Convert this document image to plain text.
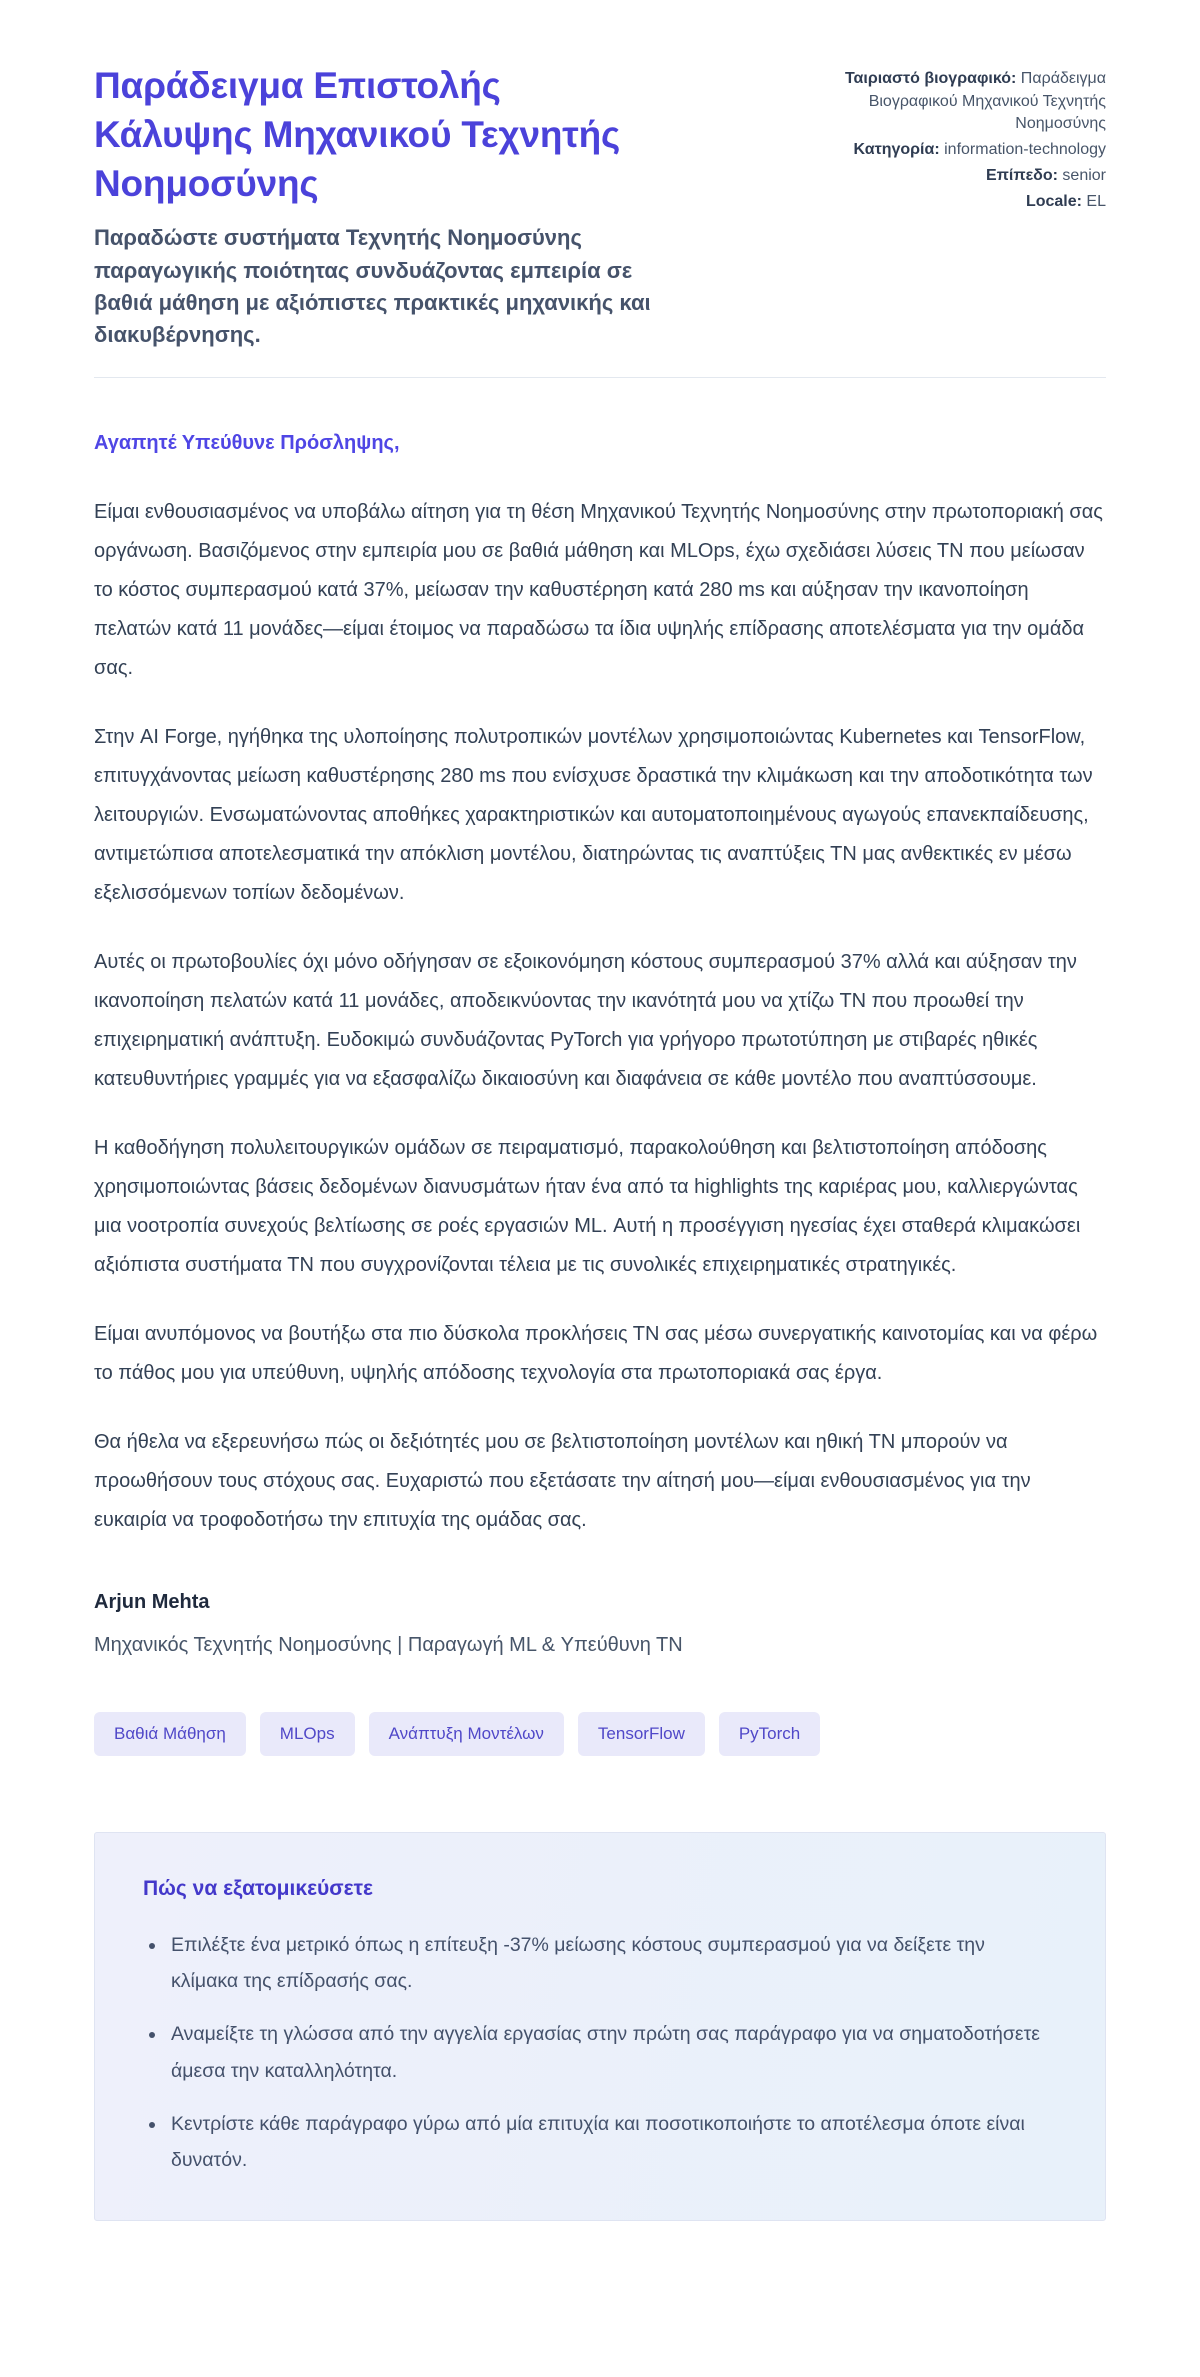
Παράδειγμα Επιστολής Κάλυψης Μηχανικού Τεχνητής Νοημοσύνης

Παραδώστε συστήματα Τεχνητής Νοημοσύνης παραγωγικής ποιότητας συνδυάζοντας εμπειρία σε βαθιά μάθηση με αξιόπιστες πρακτικές μηχανικής και διακυβέρνησης.

Ταιριαστό βιογραφικό: Παράδειγμα Βιογραφικού Μηχανικού Τεχνητής Νοημοσύνης
Κατηγορία: information-technology
Επίπεδο: senior
Locale: EL

Αγαπητέ Υπεύθυνε Πρόσληψης,

Είμαι ενθουσιασμένος να υποβάλω αίτηση για τη θέση Μηχανικού Τεχνητής Νοημοσύνης στην πρωτοποριακή σας οργάνωση. Βασιζόμενος στην εμπειρία μου σε βαθιά μάθηση και MLOps, έχω σχεδιάσει λύσεις ΤΝ που μείωσαν το κόστος συμπερασμού κατά 37%, μείωσαν την καθυστέρηση κατά 280 ms και αύξησαν την ικανοποίηση πελατών κατά 11 μονάδες—είμαι έτοιμος να παραδώσω τα ίδια υψηλής επίδρασης αποτελέσματα για την ομάδα σας.

Στην AI Forge, ηγήθηκα της υλοποίησης πολυτροπικών μοντέλων χρησιμοποιώντας Kubernetes και TensorFlow, επιτυγχάνοντας μείωση καθυστέρησης 280 ms που ενίσχυσε δραστικά την κλιμάκωση και την αποδοτικότητα των λειτουργιών. Ενσωματώνοντας αποθήκες χαρακτηριστικών και αυτοματοποιημένους αγωγούς επανεκπαίδευσης, αντιμετώπισα αποτελεσματικά την απόκλιση μοντέλου, διατηρώντας τις αναπτύξεις ΤΝ μας ανθεκτικές εν μέσω εξελισσόμενων τοπίων δεδομένων.

Αυτές οι πρωτοβουλίες όχι μόνο οδήγησαν σε εξοικονόμηση κόστους συμπερασμού 37% αλλά και αύξησαν την ικανοποίηση πελατών κατά 11 μονάδες, αποδεικνύοντας την ικανότητά μου να χτίζω ΤΝ που προωθεί την επιχειρηματική ανάπτυξη. Ευδοκιμώ συνδυάζοντας PyTorch για γρήγορο πρωτοτύπηση με στιβαρές ηθικές κατευθυντήριες γραμμές για να εξασφαλίζω δικαιοσύνη και διαφάνεια σε κάθε μοντέλο που αναπτύσσουμε.

Η καθοδήγηση πολυλειτουργικών ομάδων σε πειραματισμό, παρακολούθηση και βελτιστοποίηση απόδοσης χρησιμοποιώντας βάσεις δεδομένων διανυσμάτων ήταν ένα από τα highlights της καριέρας μου, καλλιεργώντας μια νοοτροπία συνεχούς βελτίωσης σε ροές εργασιών ML. Αυτή η προσέγγιση ηγεσίας έχει σταθερά κλιμακώσει αξιόπιστα συστήματα ΤΝ που συγχρονίζονται τέλεια με τις συνολικές επιχειρηματικές στρατηγικές.

Είμαι ανυπόμονος να βουτήξω στα πιο δύσκολα προκλήσεις ΤΝ σας μέσω συνεργατικής καινοτομίας και να φέρω το πάθος μου για υπεύθυνη, υψηλής απόδοσης τεχνολογία στα πρωτοποριακά σας έργα.

Θα ήθελα να εξερευνήσω πώς οι δεξιότητές μου σε βελτιστοποίηση μοντέλων και ηθική ΤΝ μπορούν να προωθήσουν τους στόχους σας. Ευχαριστώ που εξετάσατε την αίτησή μου—είμαι ενθουσιασμένος για την ευκαιρία να τροφοδοτήσω την επιτυχία της ομάδας σας.

Arjun Mehta

Μηχανικός Τεχνητής Νοημοσύνης | Παραγωγή ML & Υπεύθυνη ΤΝ

Βαθιά Μάθηση	MLOps	Ανάπτυξη Μοντέλων	TensorFlow	PyTorch
Πώς να εξατομικεύσετε
• Επιλέξτε ένα μετρικό όπως η επίτευξη -37% μείωσης κόστους συμπερασμού για να δείξετε την κλίμακα της επίδρασής σας.
• Αναμείξτε τη γλώσσα από την αγγελία εργασίας στην πρώτη σας παράγραφο για να σηματοδοτήσετε άμεσα την καταλληλότητα.
• Κεντρίστε κάθε παράγραφο γύρω από μία επιτυχία και ποσοτικοποιήστε το αποτέλεσμα όποτε είναι δυνατόν.
